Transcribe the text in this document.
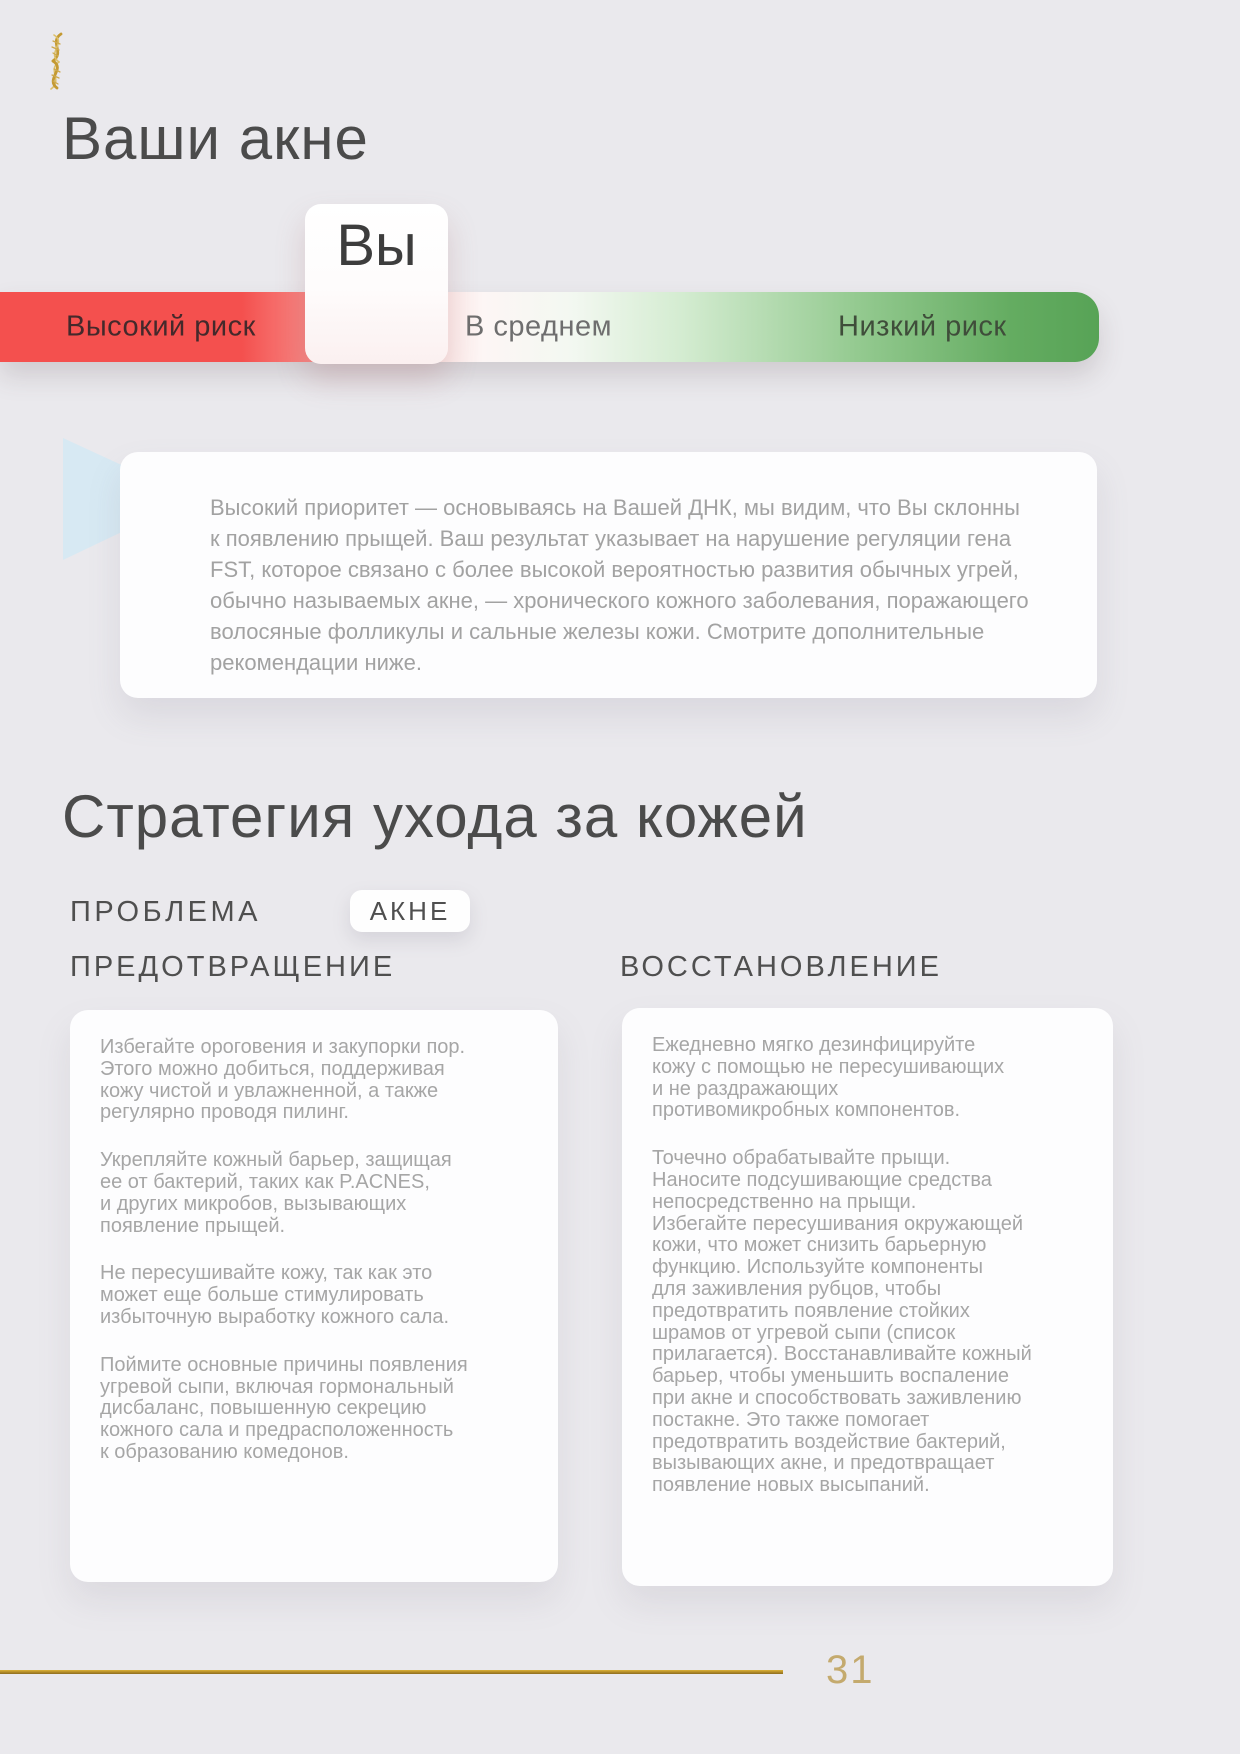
Ваши акне
Высокий риск	В среднем	Низкий риск
Вы
Высокий приоритет — основываясь на Вашей ДНК, мы видим, что Вы склонны
к появлению прыщей. Ваш результат указывает на нарушение регуляции гена
FST, которое связано с более высокой вероятностью развития обычных угрей,
обычно называемых акне, — хронического кожного заболевания, поражающего
волосяные фолликулы и сальные железы кожи. Смотрите дополнительные
рекомендации ниже.
Стратегия ухода за кожей
ПРОБЛЕМА	АКНЕ
ПРЕДОТВРАЩЕНИЕ	ВОССТАНОВЛЕНИЕ

Избегайте ороговения и закупорки пор.
Этого можно добиться, поддерживая
кожу чистой и увлажненной, а также
регулярно проводя пилинг.

Укрепляйте кожный барьер, защищая
ее от бактерий, таких как P.ACNES,
и других микробов, вызывающих
появление прыщей.

Не пересушивайте кожу, так как это
может еще больше стимулировать
избыточную выработку кожного сала.

Поймите основные причины появления
угревой сыпи, включая гормональный
дисбаланс, повышенную секрецию
кожного сала и предрасположенность
к образованию комедонов.

Ежедневно мягко дезинфицируйте
кожу с помощью не пересушивающих
и не раздражающих
противомикробных компонентов.

Точечно обрабатывайте прыщи.
Наносите подсушивающие средства
непосредственно на прыщи.
Избегайте пересушивания окружающей
кожи, что может снизить барьерную
функцию. Используйте компоненты
для заживления рубцов, чтобы
предотвратить появление стойких
шрамов от угревой сыпи (список
прилагается). Восстанавливайте кожный
барьер, чтобы уменьшить воспаление
при акне и способствовать заживлению
постакне. Это также помогает
предотвратить воздействие бактерий,
вызывающих акне, и предотвращает
появление новых высыпаний.

31
